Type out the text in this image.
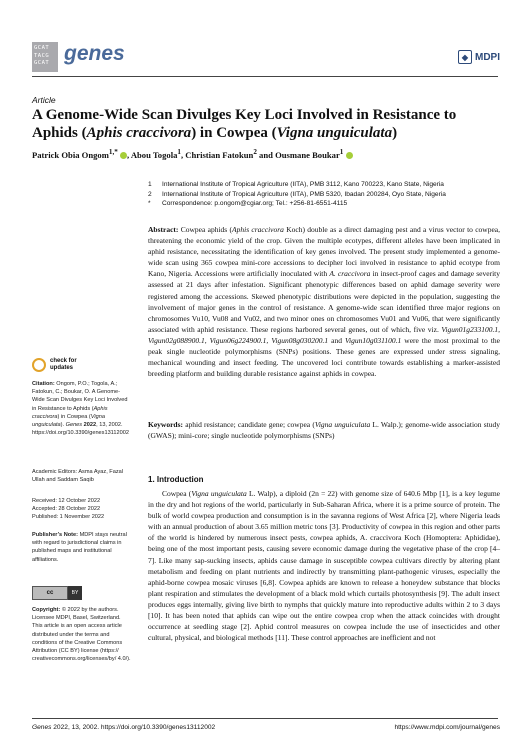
GCAT TACG GCAT genes	◆ MDPI
Article
A Genome-Wide Scan Divulges Key Loci Involved in Resistance to Aphids (Aphis craccivora) in Cowpea (Vigna unguiculata)
Patrick Obia Ongom$^{1,*}$ , Abou Togola$^1$, Christian Fatokun$^2$ and Ousmane Boukar$^1$
1 International Institute of Tropical Agriculture (IITA), PMB 3112, Kano 700223, Kano State, Nigeria
2 International Institute of Tropical Agriculture (IITA), PMB 5320, Ibadan 200284, Oyo State, Nigeria
* Correspondence: p.ongom@cgiar.org; Tel.: +256-81-6551-4115
Abstract: Cowpea aphids (Aphis craccivora Koch) double as a direct damaging pest and a virus vector to cowpea, threatening the economic yield of the crop. Given the multiple ecotypes, different alleles have been implicated in aphid resistance, necessitating the identification of key genes involved. The present study implemented a genome-wide scan using 365 cowpea mini-core accessions to decipher loci involved in resistance to aphid ecotype from Kano, Nigeria. Accessions were artificially inoculated with A. craccivora in insect-proof cages and damage severity assessed at 21 days after infestation. Significant phenotypic differences based on aphid damage severity were registered among the accessions. Skewed phenotypic distributions were depicted in the population, suggesting the involvement of major genes in the control of resistance. A genome-wide scan identified three major regions on chromosomes Vu10, Vu08 and Vu02, and two minor ones on chromosomes Vu01 and Vu06, that were significantly associated with aphid resistance. These regions harbored several genes, out of which, five viz. Vigun01g233100.1, Vigun02g088900.1, Vigun06g224900.1, Vigun08g030200.1 and Vigun10g031100.1 were the most proximal to the peak single nucleotide polymorphisms (SNPs) positions. These genes are expressed under stress signaling, mechanical wounding and insect feeding. The uncovered loci contribute towards establishing a marker-assisted breeding platform and building durable resistance against aphids in cowpea.
Keywords: aphid resistance; candidate gene; cowpea (Vigna unguiculata L. Walp.); genome-wide association study (GWAS); mini-core; single nucleotide polymorphisms (SNPs)
check for
updates
Citation: Ongom, P.O.; Togola, A.; Fatokun, C.; Boukar, O. A Genome-Wide Scan Divulges Key Loci Involved in Resistance to Aphids (Aphis craccivora) in Cowpea (Vigna unguiculata). Genes 2022, 13, 2002. https://doi.org/10.3390/genes13112002
Academic Editors: Asma Ayaz, Fazal Ullah and Saddam Saqib
Received: 12 October 2022
Accepted: 28 October 2022
Published: 1 November 2022
Publisher’s Note: MDPI stays neutral with regard to jurisdictional claims in published maps and institutional affiliations.
cc	BY
Copyright: © 2022 by the authors. Licensee MDPI, Basel, Switzerland. This article is an open access article distributed under the terms and conditions of the Creative Commons Attribution (CC BY) license (https:// creativecommons.org/licenses/by/ 4.0/).
1. Introduction
Cowpea (Vigna unguiculata L. Walp), a diploid (2n = 22) with genome size of 640.6 Mbp [1], is a key legume in the dry and hot regions of the world, particularly in Sub-Saharan Africa, where it is a prime source of protein. The bulk of world cowpea production and consumption is in the savanna regions of West Africa [2], where Nigeria leads with an annual production of about 3.65 million metric tons [3]. Productivity of cowpea in this region and other parts of the world is hindered by numerous insect pests, cowpea aphids, A. craccivora Koch (Homoptera: Aphididae), being one of the most important pests, causing severe economic damage during the vegetative phase of the crop [4–7]. Like many sap-sucking insects, aphids cause damage in susceptible cowpea cultivars directly by altering plant metabolism and feeding on plant nutrients and indirectly by transmitting plant-pathogenic viruses, especially the aphid-borne cowpea mosaic viruses [6,8]. Cowpea aphids are known to release a honeydew substance that blocks plant respiration and stimulates the development of a black mold which curtails photosynthesis [9]. The adult insect produces eggs internally, giving live birth to nymphs that quickly mature into reproductive adults within 2 to 3 days [10]. It has been noted that aphids can wipe out the entire cowpea crop when the attack coincides with drought occurrence at seedling stage [2]. Aphid control measures on cowpea include the use of insecticides and other cultural, physical, and biological methods [11]. These control approaches are inefficient and not
Genes 2022, 13, 2002. https://doi.org/10.3390/genes13112002	https://www.mdpi.com/journal/genes
